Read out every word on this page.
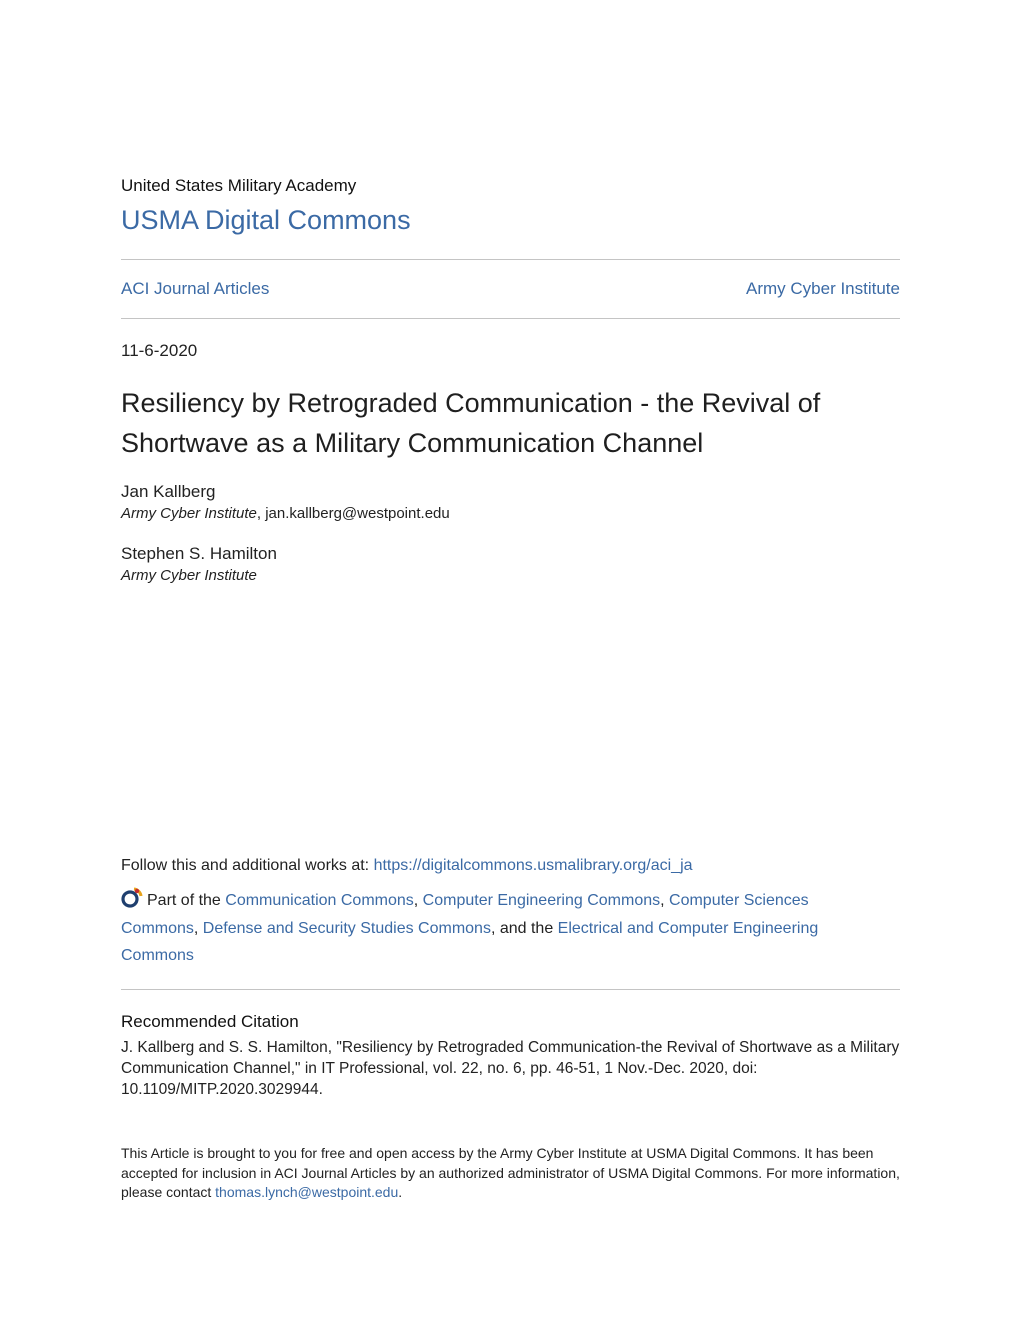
United States Military Academy
USMA Digital Commons
ACI Journal Articles	Army Cyber Institute
11-6-2020
Resiliency by Retrograded Communication - the Revival of Shortwave as a Military Communication Channel
Jan Kallberg
Army Cyber Institute, jan.kallberg@westpoint.edu
Stephen S. Hamilton
Army Cyber Institute
Follow this and additional works at: https://digitalcommons.usmalibrary.org/aci_ja
Part of the Communication Commons, Computer Engineering Commons, Computer Sciences Commons, Defense and Security Studies Commons, and the Electrical and Computer Engineering Commons
Recommended Citation
J. Kallberg and S. S. Hamilton, "Resiliency by Retrograded Communication-the Revival of Shortwave as a Military Communication Channel," in IT Professional, vol. 22, no. 6, pp. 46-51, 1 Nov.-Dec. 2020, doi: 10.1109/MITP.2020.3029944.
This Article is brought to you for free and open access by the Army Cyber Institute at USMA Digital Commons. It has been accepted for inclusion in ACI Journal Articles by an authorized administrator of USMA Digital Commons. For more information, please contact thomas.lynch@westpoint.edu.
